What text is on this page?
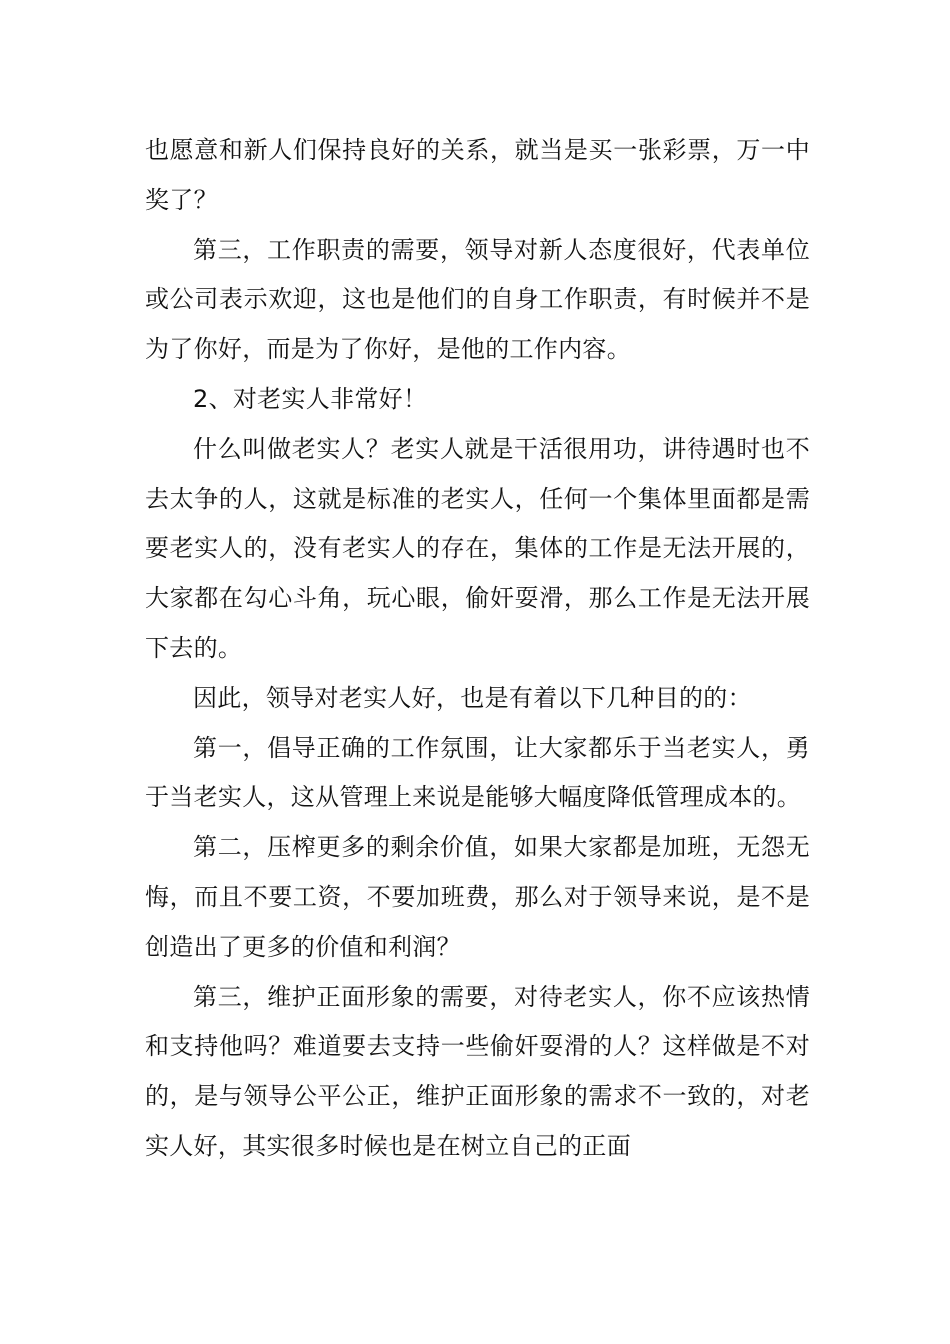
也愿意和新人们保持良好的关系，就当是买一张彩票，万一中奖了？

第三，工作职责的需要，领导对新人态度很好，代表单位或公司表示欢迎，这也是他们的自身工作职责，有时候并不是为了你好，而是为了你好，是他的工作内容。

2、对老实人非常好！

什么叫做老实人？老实人就是干活很用功，讲待遇时也不去太争的人，这就是标准的老实人，任何一个集体里面都是需要老实人的，没有老实人的存在，集体的工作是无法开展的，大家都在勾心斗角，玩心眼，偷奸耍滑，那么工作是无法开展下去的。

因此，领导对老实人好，也是有着以下几种目的的：

第一，倡导正确的工作氛围，让大家都乐于当老实人，勇于当老实人，这从管理上来说是能够大幅度降低管理成本的。

第二，压榨更多的剩余价值，如果大家都是加班，无怨无悔，而且不要工资，不要加班费，那么对于领导来说，是不是创造出了更多的价值和利润？

第三，维护正面形象的需要，对待老实人，你不应该热情和支持他吗？难道要去支持一些偷奸耍滑的人？这样做是不对的，是与领导公平公正，维护正面形象的需求不一致的，对老实人好，其实很多时候也是在树立自己的正面
